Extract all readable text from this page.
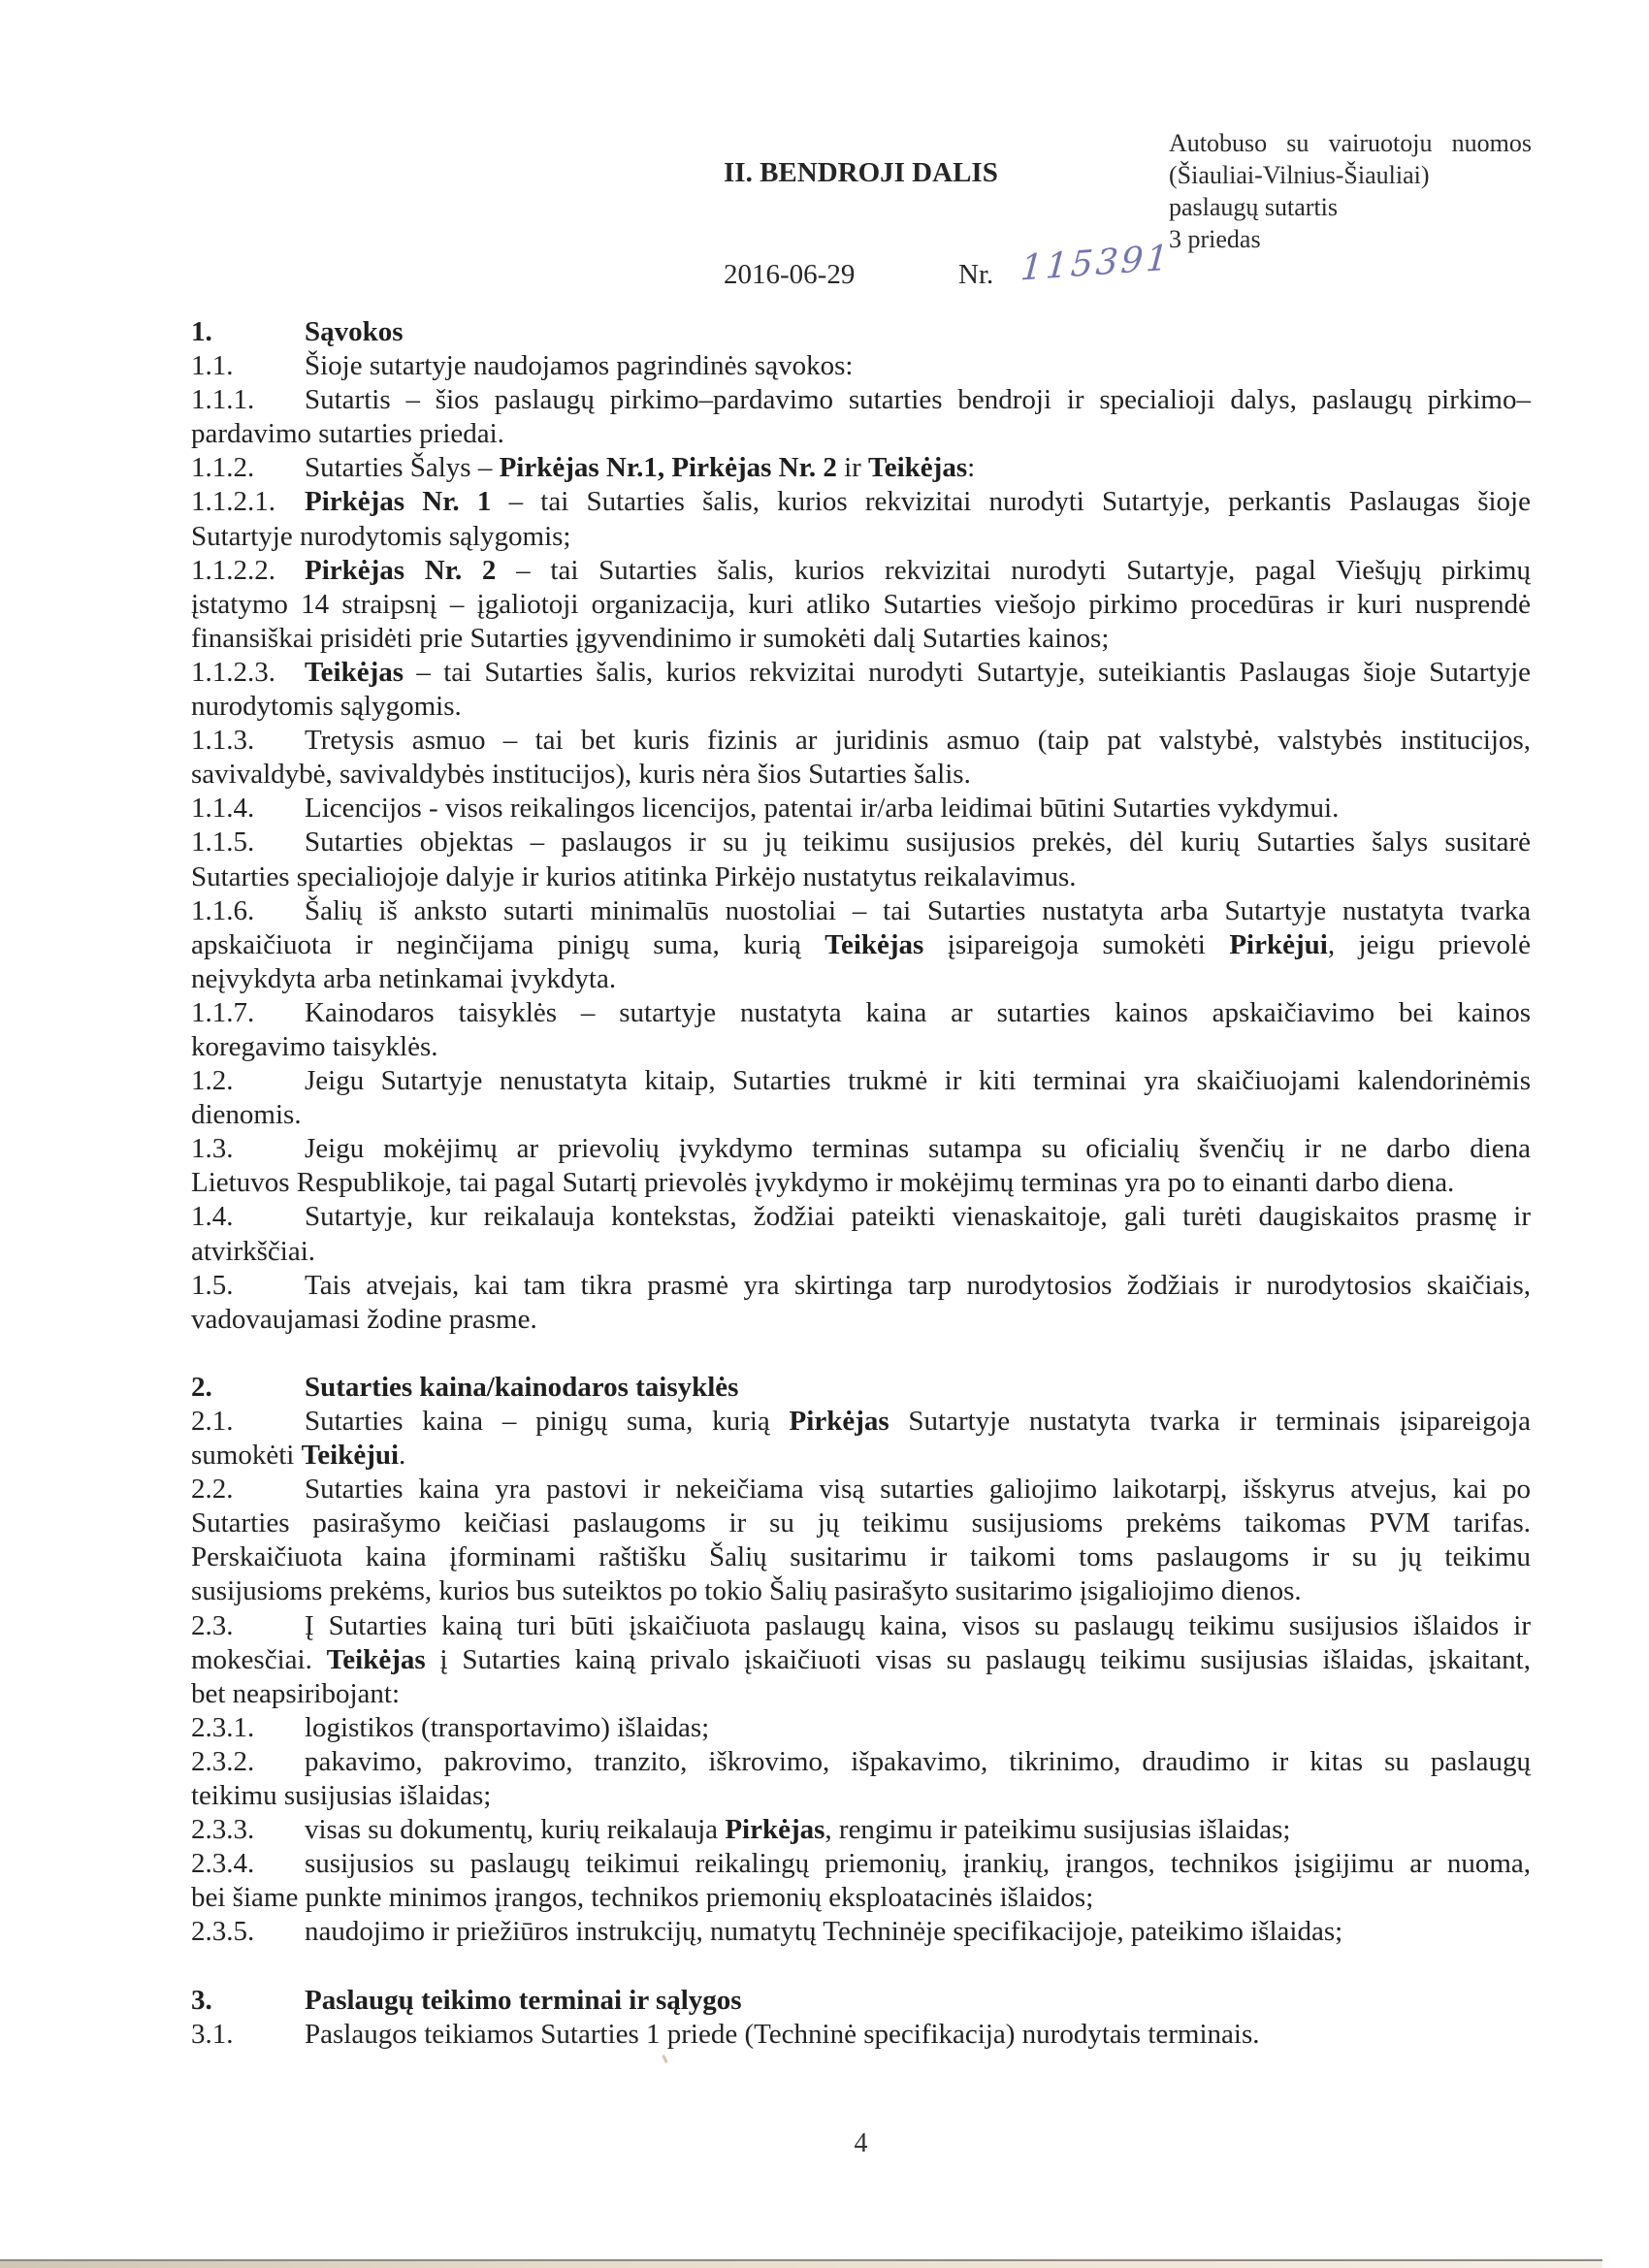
II. BENDROJI DALIS
Autobuso su vairuotoju nuomos
(Šiauliai-Vilnius-Šiauliai)
paslaugų sutartis
3 priedas
2016-06-29	Nr. 115391
1.	Sąvokos
1.1.	Šioje sutartyje naudojamos pagrindinės sąvokos:
1.1.1. Sutartis – šios paslaugų pirkimo–pardavimo sutarties bendroji ir specialioji dalys, paslaugų pirkimo–
pardavimo sutarties priedai.
1.1.2. Sutarties Šalys – Pirkėjas Nr.1, Pirkėjas Nr. 2 ir Teikėjas:
1.1.2.1. Pirkėjas Nr. 1 – tai Sutarties šalis, kurios rekvizitai nurodyti Sutartyje, perkantis Paslaugas šioje
Sutartyje nurodytomis sąlygomis;
1.1.2.2. Pirkėjas Nr. 2 – tai Sutarties šalis, kurios rekvizitai nurodyti Sutartyje, pagal Viešųjų pirkimų
įstatymo 14 straipsnį – įgaliotoji organizacija, kuri atliko Sutarties viešojo pirkimo procedūras ir kuri nusprendė
finansiškai prisidėti prie Sutarties įgyvendinimo ir sumokėti dalį Sutarties kainos;
1.1.2.3. Teikėjas – tai Sutarties šalis, kurios rekvizitai nurodyti Sutartyje, suteikiantis Paslaugas šioje Sutartyje
nurodytomis sąlygomis.
1.1.3. Tretysis asmuo – tai bet kuris fizinis ar juridinis asmuo (taip pat valstybė, valstybės institucijos,
savivaldybė, savivaldybės institucijos), kuris nėra šios Sutarties šalis.
1.1.4. Licencijos - visos reikalingos licencijos, patentai ir/arba leidimai būtini Sutarties vykdymui.
1.1.5. Sutarties objektas – paslaugos ir su jų teikimu susijusios prekės, dėl kurių Sutarties šalys susitarė
Sutarties specialiojoje dalyje ir kurios atitinka Pirkėjo nustatytus reikalavimus.
1.1.6. Šalių iš anksto sutarti minimalūs nuostoliai – tai Sutarties nustatyta arba Sutartyje nustatyta tvarka
apskaičiuota ir neginčijama pinigų suma, kurią Teikėjas įsipareigoja sumokėti Pirkėjui, jeigu prievolė
neįvykdyta arba netinkamai įvykdyta.
1.1.7. Kainodaros taisyklės – sutartyje nustatyta kaina ar sutarties kainos apskaičiavimo bei kainos
koregavimo taisyklės.
1.2.	Jeigu Sutartyje nenustatyta kitaip, Sutarties trukmė ir kiti terminai yra skaičiuojami kalendorinėmis
dienomis.
1.3.	Jeigu mokėjimų ar prievolių įvykdymo terminas sutampa su oficialių švenčių ir ne darbo diena
Lietuvos Respublikoje, tai pagal Sutartį prievolės įvykdymo ir mokėjimų terminas yra po to einanti darbo diena.
1.4.	Sutartyje, kur reikalauja kontekstas, žodžiai pateikti vienaskaitoje, gali turėti daugiskaitos prasmę ir
atvirkščiai.
1.5.	Tais atvejais, kai tam tikra prasmė yra skirtinga tarp nurodytosios žodžiais ir nurodytosios skaičiais,
vadovaujamasi žodine prasme.
2.	Sutarties kaina/kainodaros taisyklės
2.1.	Sutarties kaina – pinigų suma, kurią Pirkėjas Sutartyje nustatyta tvarka ir terminais įsipareigoja
sumokėti Teikėjui.
2.2.	Sutarties kaina yra pastovi ir nekeičiama visą sutarties galiojimo laikotarpį, išskyrus atvejus, kai po
Sutarties pasirašymo keičiasi paslaugoms ir su jų teikimu susijusioms prekėms taikomas PVM tarifas.
Perskaičiuota kaina įforminami raštišku Šalių susitarimu ir taikomi toms paslaugoms ir su jų teikimu
susijusioms prekėms, kurios bus suteiktos po tokio Šalių pasirašyto susitarimo įsigaliojimo dienos.
2.3.	Į Sutarties kainą turi būti įskaičiuota paslaugų kaina, visos su paslaugų teikimu susijusios išlaidos ir
mokesčiai. Teikėjas į Sutarties kainą privalo įskaičiuoti visas su paslaugų teikimu susijusias išlaidas, įskaitant,
bet neapsiribojant:
2.3.1. logistikos (transportavimo) išlaidas;
2.3.2. pakavimo, pakrovimo, tranzito, iškrovimo, išpakavimo, tikrinimo, draudimo ir kitas su paslaugų
teikimu susijusias išlaidas;
2.3.3. visas su dokumentų, kurių reikalauja Pirkėjas, rengimu ir pateikimu susijusias išlaidas;
2.3.4. susijusios su paslaugų teikimui reikalingų priemonių, įrankių, įrangos, technikos įsigijimu ar nuoma,
bei šiame punkte minimos įrangos, technikos priemonių eksploatacinės išlaidos;
2.3.5. naudojimo ir priežiūros instrukcijų, numatytų Techninėje specifikacijoje, pateikimo išlaidas;
3.	Paslaugų teikimo terminai ir sąlygos
3.1.	Paslaugos teikiamos Sutarties 1 priede (Techninė specifikacija) nurodytais terminais.
4
